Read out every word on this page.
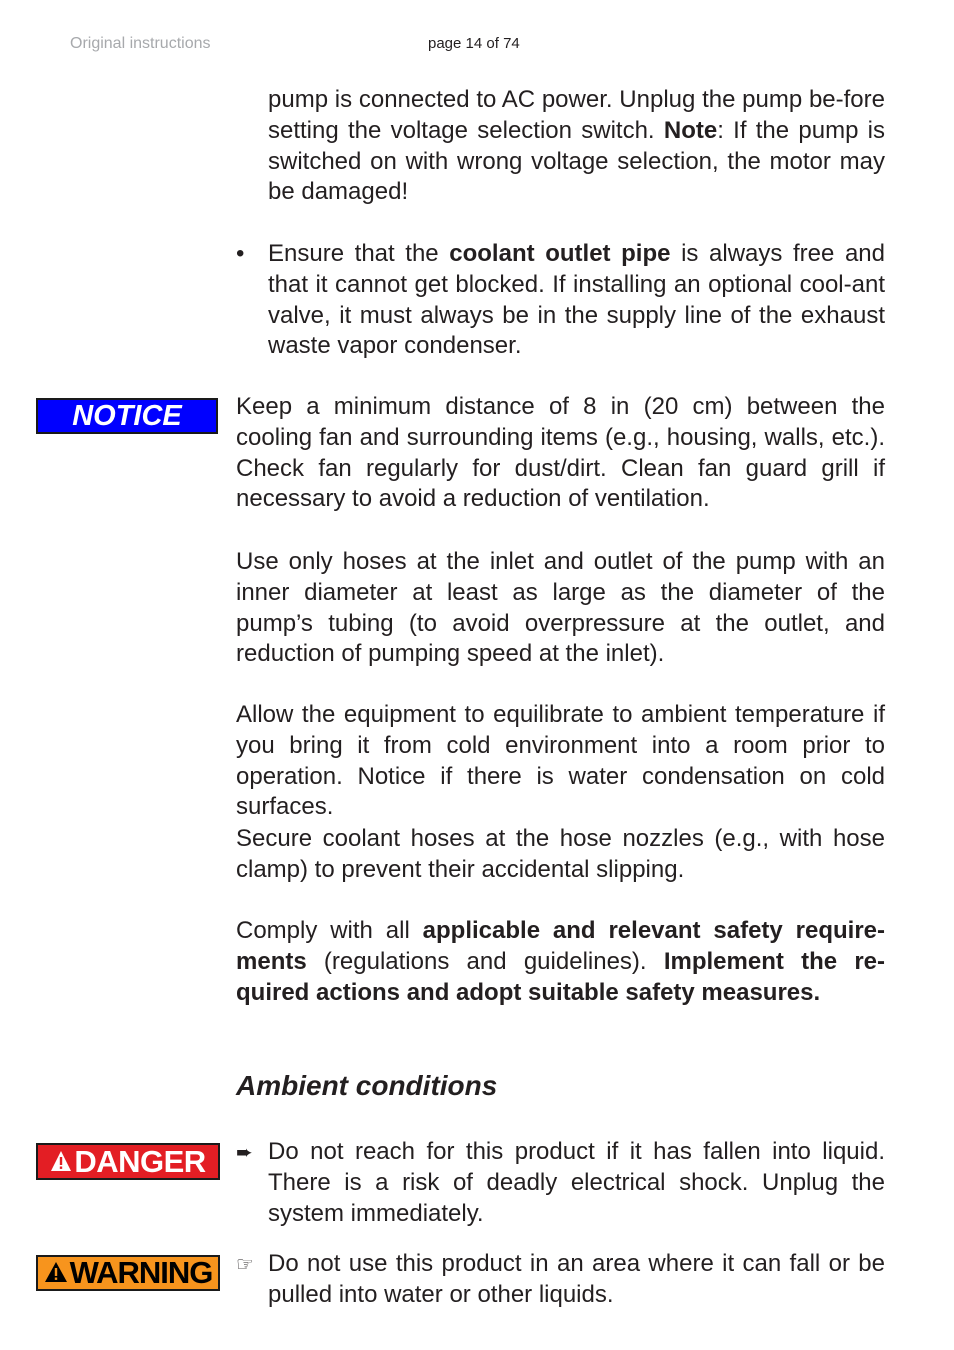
Original instructions	page 14 of 74
pump is connected to AC power. Unplug the pump be-fore setting the voltage selection switch. Note: If the pump is switched on with wrong voltage selection, the motor may be damaged!
• Ensure that the coolant outlet pipe is always free and that it cannot get blocked. If installing an optional cool-ant valve, it must always be in the supply line of the exhaust waste vapor condenser.
NOTICE	Keep a minimum distance of 8 in (20 cm) between the cooling fan and surrounding items (e.g., housing, walls, etc.). Check fan regularly for dust/dirt. Clean fan guard grill if necessary to avoid a reduction of ventilation.
Use only hoses at the inlet and outlet of the pump with an inner diameter at least as large as the diameter of the pump’s tubing (to avoid overpressure at the outlet, and reduction of pumping speed at the inlet).
Allow the equipment to equilibrate to ambient temperature if you bring it from cold environment into a room prior to operation. Notice if there is water condensation on cold surfaces.
Secure coolant hoses at the hose nozzles (e.g., with hose clamp) to prevent their accidental slipping.
Comply with all applicable and relevant safety require-ments (regulations and guidelines). Implement the re-quired actions and adopt suitable safety measures.
Ambient conditions
DANGER ➨ Do not reach for this product if it has fallen into liquid. There is a risk of deadly electrical shock. Unplug the system immediately.
WARNING ☞ Do not use this product in an area where it can fall or be pulled into water or other liquids.
